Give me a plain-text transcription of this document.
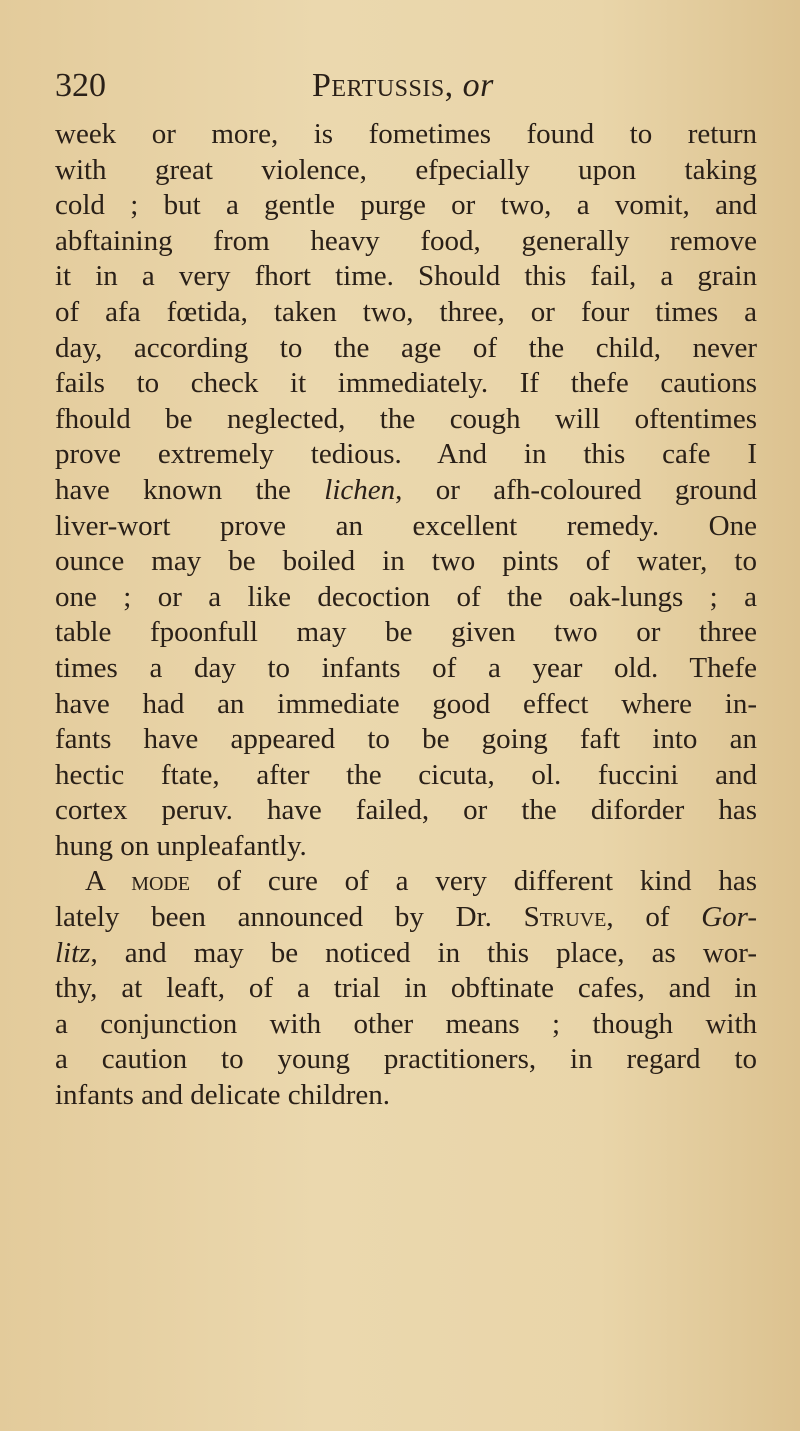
320	Pertussis, or
week or more, is fometimes found to return
with great violence, efpecially upon taking
cold ; but a gentle purge or two, a vomit, and
abftaining from heavy food, generally remove
it in a very fhort time. Should this fail, a grain
of afa fœtida, taken two, three, or four times a
day, according to the age of the child, never
fails to check it immediately. If thefe cautions
fhould be neglected, the cough will oftentimes
prove extremely tedious. And in this cafe I
have known the lichen, or afh-coloured ground
liver-wort prove an excellent remedy. One
ounce may be boiled in two pints of water, to
one ; or a like decoction of the oak-lungs ; a
table fpoonfull may be given two or three
times a day to infants of a year old. Thefe
have had an immediate good effect where in-
fants have appeared to be going faft into an
hectic ftate, after the cicuta, ol. fuccini and
cortex peruv. have failed, or the diforder has
hung on unpleafantly.
A mode of cure of a very different kind has
lately been announced by Dr. Struve, of Gor-
litz, and may be noticed in this place, as wor-
thy, at leaft, of a trial in obftinate cafes, and in
a conjunction with other means ; though with
a caution to young practitioners, in regard to
infants and delicate children.
